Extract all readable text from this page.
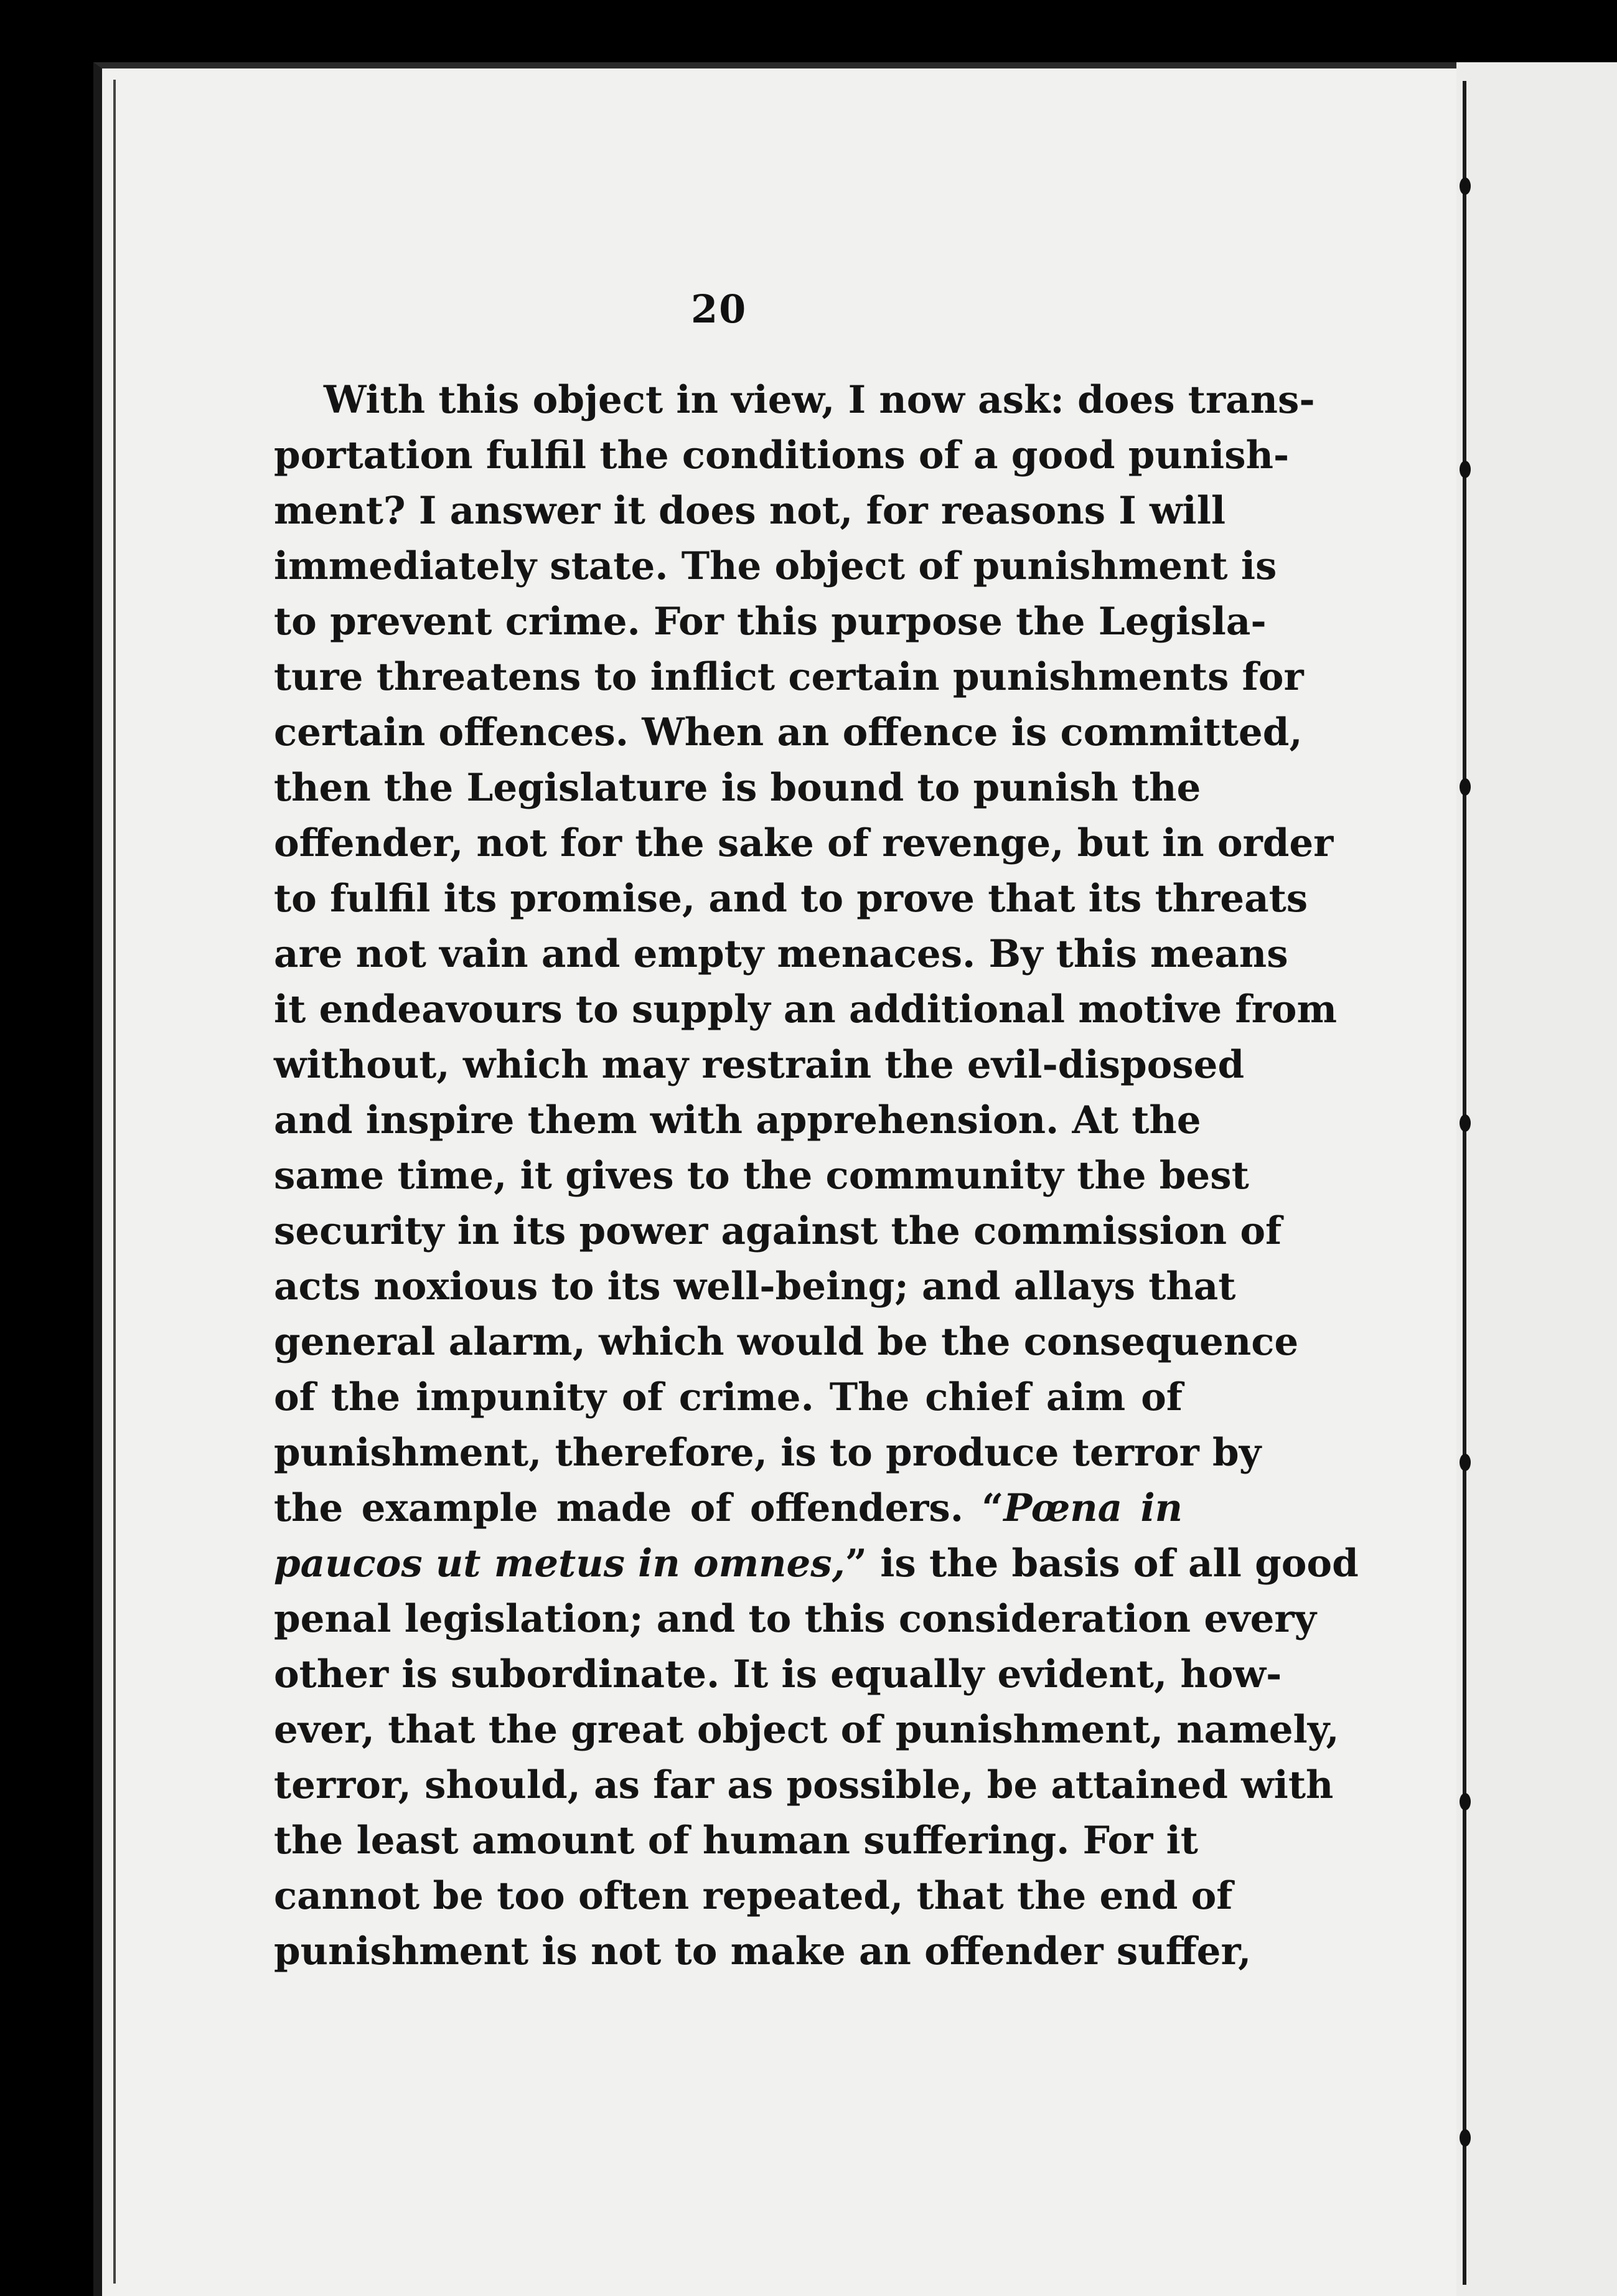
20
With this object in view, I now ask: does trans-
portation fulfil the conditions of a good punish-
ment? I answer it does not, for reasons I will
immediately state. The object of punishment is
to prevent crime. For this purpose the Legisla-
ture threatens to inflict certain punishments for
certain offences. When an offence is committed,
then the Legislature is bound to punish the
offender, not for the sake of revenge, but in order
to fulfil its promise, and to prove that its threats
are not vain and empty menaces. By this means
it endeavours to supply an additional motive from
without, which may restrain the evil-disposed
and inspire them with apprehension. At the
same time, it gives to the community the best
security in its power against the commission of
acts noxious to its well-being; and allays that
general alarm, which would be the consequence
of the impunity of crime. The chief aim of
punishment, therefore, is to produce terror by
the example made of offenders. “Pœna in
paucos ut metus in omnes,” is the basis of all good
penal legislation; and to this consideration every
other is subordinate. It is equally evident, how-
ever, that the great object of punishment, namely,
terror, should, as far as possible, be attained with
the least amount of human suffering. For it
cannot be too often repeated, that the end of
punishment is not to make an offender suffer,
